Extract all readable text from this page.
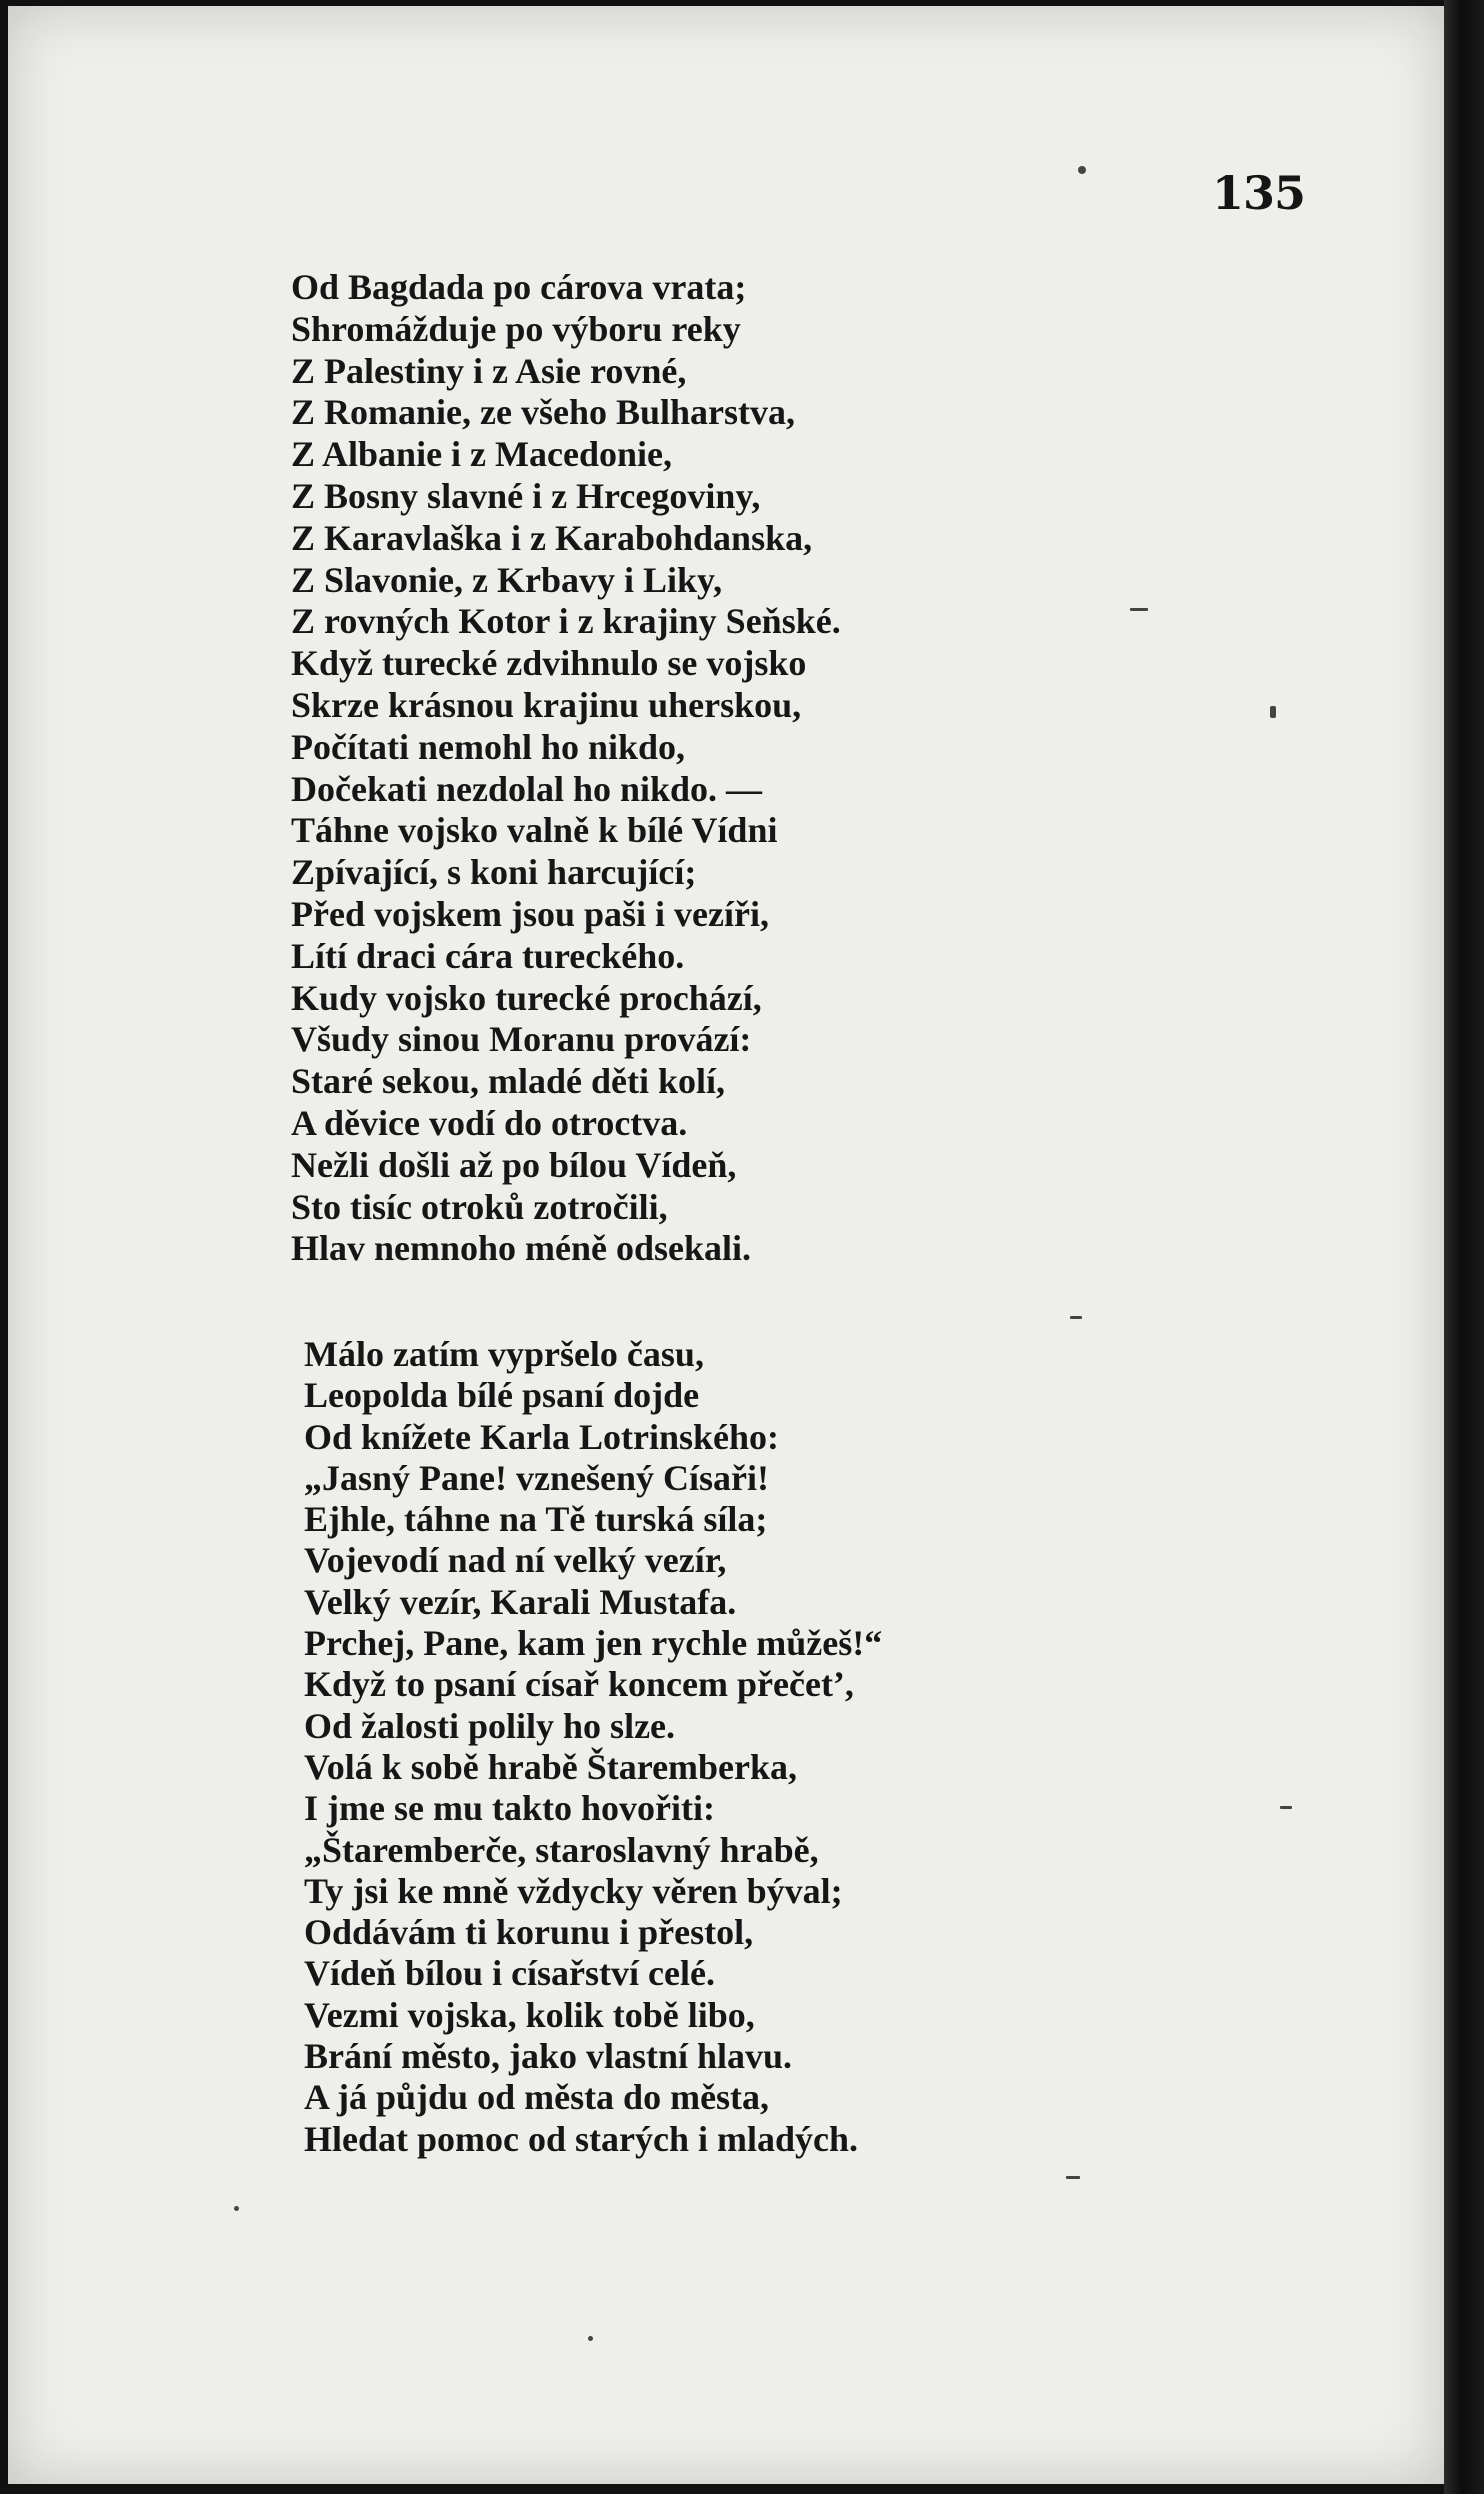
135
Od Bagdada po cárova vrata;
Shromážduje po výboru reky
Z Palestiny i z Asie rovné,
Z Romanie, ze všeho Bulharstva,
Z Albanie i z Macedonie,
Z Bosny slavné i z Hrcegoviny,
Z Karavlaška i z Karabohdanska,
Z Slavonie, z Krbavy i Liky,
Z rovných Kotor i z krajiny Seňské.
Když turecké zdvihnulo se vojsko
Skrze krásnou krajinu uherskou,
Počítati nemohl ho nikdo,
Dočekati nezdolal ho nikdo. —
Táhne vojsko valně k bílé Vídni
Zpívající, s koni harcující;
Před vojskem jsou paši i vezíři,
Lítí draci cára tureckého.
Kudy vojsko turecké prochází,
Všudy sinou Moranu provází:
Staré sekou, mladé děti kolí,
A děvice vodí do otroctva.
Nežli došli až po bílou Vídeň,
Sto tisíc otroků zotročili,
Hlav nemnoho méně odsekali.
Málo zatím vypršelo času,
Leopolda bílé psaní dojde
Od knížete Karla Lotrinského:
„Jasný Pane! vznešený Císaři!
Ejhle, táhne na Tě turská síla;
Vojevodí nad ní velký vezír,
Velký vezír, Karali Mustafa.
Prchej, Pane, kam jen rychle můžeš!“
Když to psaní císař koncem přečet’,
Od žalosti polily ho slze.
Volá k sobě hrabě Štaremberka,
I jme se mu takto hovořiti:
„Štaremberče, staroslavný hrabě,
Ty jsi ke mně vždycky věren býval;
Oddávám ti korunu i přestol,
Vídeň bílou i císařství celé.
Vezmi vojska, kolik tobě libo,
Brání město, jako vlastní hlavu.
A já půjdu od města do města,
Hledat pomoc od starých i mladých.
